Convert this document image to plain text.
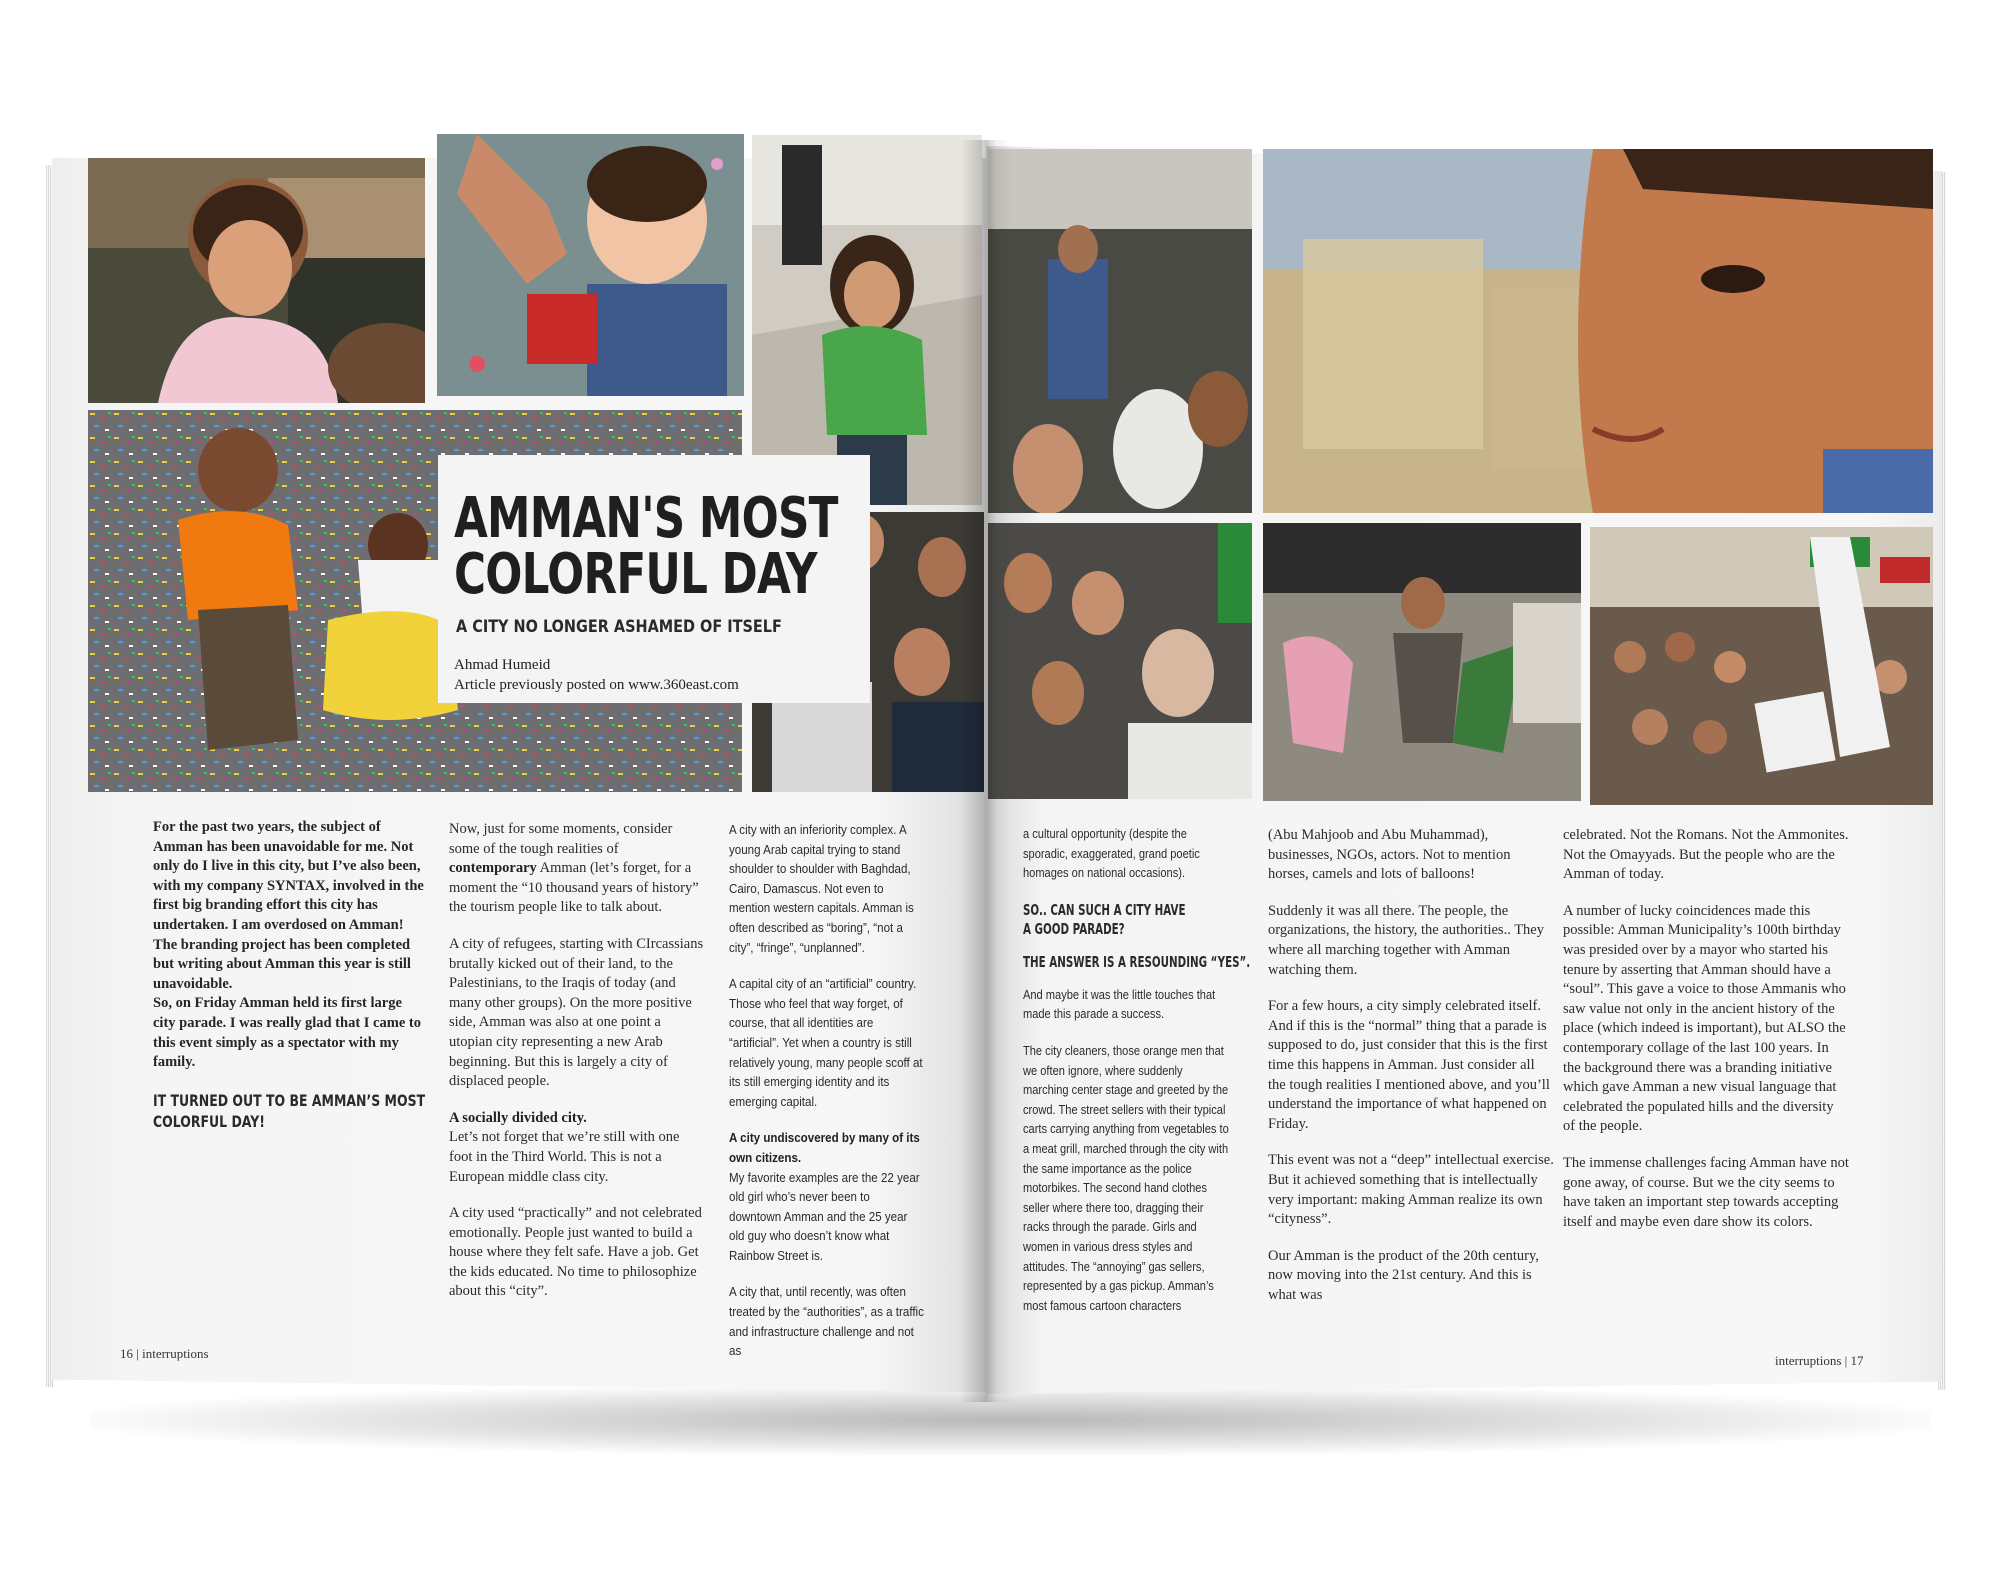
AMMAN'S MOST
COLORFUL DAY
A CITY NO LONGER ASHAMED OF ITSELF
Ahmad Humeid
Article previously posted on www.360east.com

For the past two years, the subject of Amman has been unavoidable for me. Not only do I live in this city, but I’ve also been, with my company SYNTAX, involved in the first big branding effort this city has undertaken. I am overdosed on Amman!

The branding project has been completed but writing about Amman this year is still unavoidable.

So, on Friday Amman held its first large city parade. I was really glad that I came to this event simply as a spectator with my family.

IT TURNED OUT TO BE AMMAN’S MOST
COLORFUL DAY!

Now, just for some moments, consider some of the tough realities of contemporary Amman (let’s forget, for a moment the “10 thousand years of history” the tourism people like to talk about.

A city of refugees, starting with CIrcassians brutally kicked out of their land, to the Palestinians, to the Iraqis of today (and many other groups). On the more positive side, Amman was also at one point a utopian city representing a new Arab beginning. But this is largely a city of displaced people.

A socially divided city.
Let’s not forget that we’re still with one foot in the Third World. This is not a European middle class city.

A city used “practically” and not celebrated emotionally. People just wanted to build a house where they felt safe. Have a job. Get the kids educated. No time to philosophize about this “city”.

A city with an inferiority complex. A young Arab capital trying to stand shoulder to shoulder with Baghdad, Cairo, Damascus. Not even to mention western capitals. Amman is often described as “boring”, “not a city”, “fringe”, “unplanned”.

A capital city of an “artificial” country. Those who feel that way forget, of course, that all identities are “artificial”. Yet when a country is still relatively young, many people scoff at its still emerging identity and its emerging capital.

A city undiscovered by many of its own citizens.
My favorite examples are the 22 year old girl who’s never been to downtown Amman and the 25 year old guy who doesn’t know what Rainbow Street is.

A city that, until recently, was often treated by the “authorities”, as a traffic and infrastructure challenge and not as

a cultural opportunity (despite the sporadic, exaggerated, grand poetic homages on national occasions).

SO.. CAN SUCH A CITY HAVE
A GOOD PARADE?
THE ANSWER IS A RESOUNDING “YES”.

And maybe it was the little touches that made this parade a success.

The city cleaners, those orange men that we often ignore, where suddenly marching center stage and greeted by the crowd. The street sellers with their typical carts carrying anything from vegetables to a meat grill, marched through the city with the same importance as the police motorbikes. The second hand clothes seller where there too, dragging their racks through the parade. Girls and women in various dress styles and attitudes. The “annoying” gas sellers, represented by a gas pickup. Amman’s most famous cartoon characters

(Abu Mahjoob and Abu Muhammad), businesses, NGOs, actors. Not to mention horses, camels and lots of balloons!

Suddenly it was all there. The people, the organizations, the history, the authorities.. They where all marching together with Amman watching them.

For a few hours, a city simply celebrated itself. And if this is the “normal” thing that a parade is supposed to do, just consider that this is the first time this happens in Amman. Just consider all the tough realities I mentioned above, and you’ll understand the importance of what happened on Friday.

This event was not a “deep” intellectual exercise. But it achieved something that is intellectually very important: making Amman realize its own “cityness”.

Our Amman is the product of the 20th century, now moving into the 21st century. And this is what was

celebrated. Not the Romans. Not the Ammonites. Not the Omayyads. But the people who are the Amman of today.

A number of lucky coincidences made this possible: Amman Municipality’s 100th birthday was presided over by a mayor who started his tenure by asserting that Amman should have a “soul”. This gave a voice to those Ammanis who saw value not only in the ancient history of the place (which indeed is important), but ALSO the contemporary collage of the last 100 years. In the background there was a branding initiative which gave Amman a new visual language that celebrated the populated hills and the diversity of the people.

The immense challenges facing Amman have not gone away, of course. But we the city seems to have taken an important step towards accepting itself and maybe even dare show its colors.

16 | interruptions	interruptions | 17
